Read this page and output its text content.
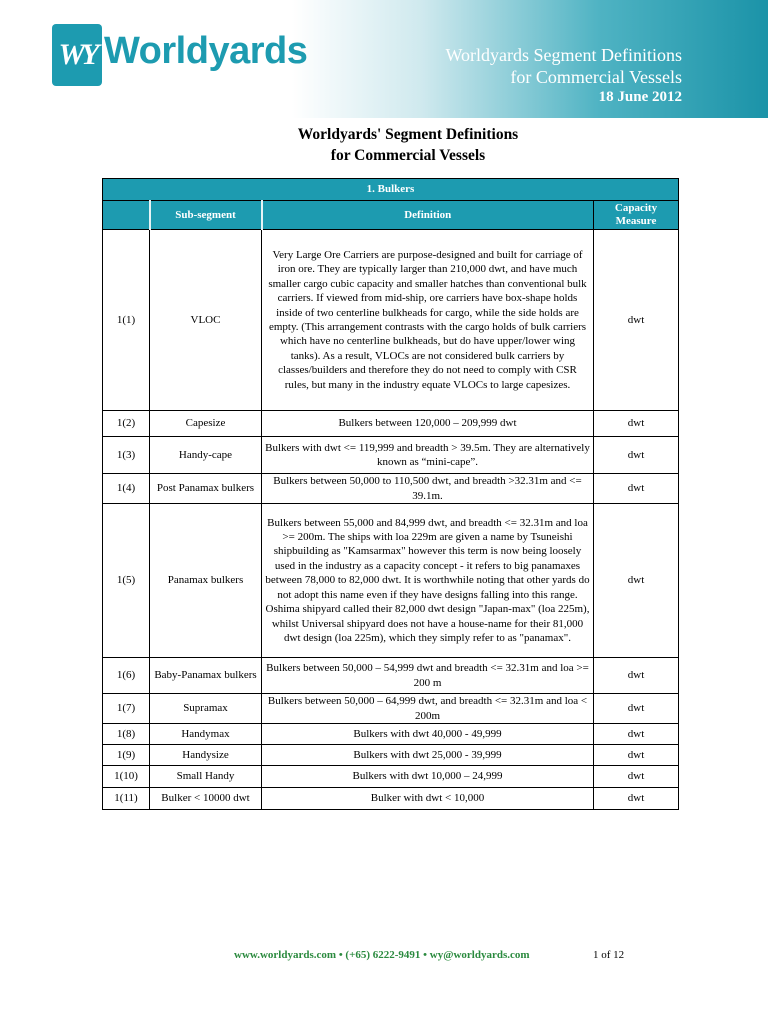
WY Worldyards	Worldyards Segment Definitions
for Commercial Vessels
18 June 2012
Worldyards' Segment Definitions
for Commercial Vessels
1. Bulkers			
	Sub-segment	Definition	Capacity Measure
1(1)	VLOC	Very Large Ore Carriers are purpose-designed and built for carriage of iron ore. They are typically larger than 210,000 dwt, and have much smaller cargo cubic capacity and smaller hatches than conventional bulk carriers. If viewed from mid-ship, ore carriers have box-shape holds inside of two centerline bulkheads for cargo, while the side holds are empty. (This arrangement contrasts with the cargo holds of bulk carriers which have no centerline bulkheads, but do have upper/lower wing tanks). As a result, VLOCs are not considered bulk carriers by classes/builders and therefore they do not need to comply with CSR rules, but many in the industry equate VLOCs to large capesizes.	dwt
1(2)	Capesize	Bulkers between 120,000 – 209,999 dwt	dwt
1(3)	Handy-cape	Bulkers with dwt <= 119,999 and breadth > 39.5m. They are alternatively known as “mini-cape”.	dwt
1(4)	Post Panamax bulkers	Bulkers between 50,000 to 110,500 dwt, and breadth >32.31m and <= 39.1m.	dwt
1(5)	Panamax bulkers	Bulkers between 55,000 and 84,999 dwt, and breadth <= 32.31m and loa >= 200m. The ships with loa 229m are given a name by Tsuneishi shipbuilding as "Kamsarmax" however this term is now being loosely used in the industry as a capacity concept - it refers to big panamaxes between 78,000 to 82,000 dwt. It is worthwhile noting that other yards do not adopt this name even if they have designs falling into this range. Oshima shipyard called their 82,000 dwt design "Japan-max" (loa 225m), whilst Universal shipyard does not have a house-name for their 81,000 dwt design (loa 225m), which they simply refer to as "panamax".	dwt
1(6)	Baby-Panamax bulkers	Bulkers between 50,000 – 54,999 dwt and breadth <= 32.31m and loa >= 200 m	dwt
1(7)	Supramax	Bulkers between 50,000 – 64,999 dwt, and breadth <= 32.31m and loa < 200m	dwt
1(8)	Handymax	Bulkers with dwt 40,000 - 49,999	dwt
1(9)	Handysize	Bulkers with dwt 25,000 - 39,999	dwt
1(10)	Small Handy	Bulkers with dwt 10,000 – 24,999	dwt
1(11)	Bulker < 10000 dwt	Bulker with dwt < 10,000	dwt
www.worldyards.com • (+65) 6222-9491 • wy@worldyards.com	1 of 12
